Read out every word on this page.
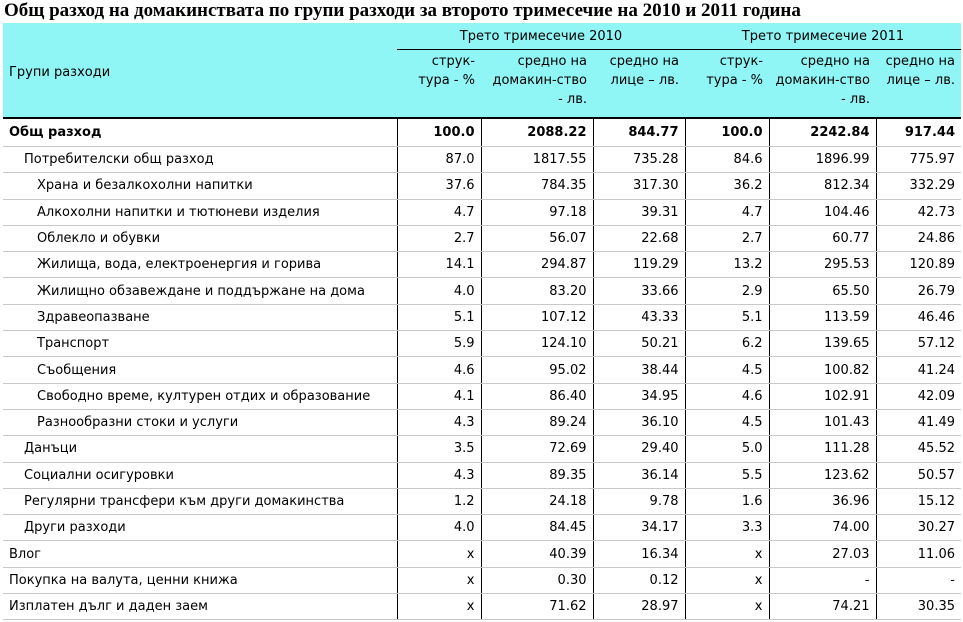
Общ разход на домакинствата по групи разходи за второто тримесечие на 2010 и 2011 година
Групи разходи	Трето тримесечие 2010			Трето тримесечие 2011		
	струк-тура - %	средно на домакин-ство - лв.	средно на лице – лв.	струк-тура - %	средно на домакин-ство - лв.	средно на лице – лв.
Общ разход	100.0	2088.22	844.77	100.0	2242.84	917.44
Потребителски общ разход	87.0	1817.55	735.28	84.6	1896.99	775.97
Храна и безалкохолни напитки	37.6	784.35	317.30	36.2	812.34	332.29
Алкохолни напитки и тютюневи изделия	4.7	97.18	39.31	4.7	104.46	42.73
Облекло и обувки	2.7	56.07	22.68	2.7	60.77	24.86
Жилища, вода, електроенергия и горива	14.1	294.87	119.29	13.2	295.53	120.89
Жилищно обзавеждане и поддържане на дома	4.0	83.20	33.66	2.9	65.50	26.79
Здравеопазване	5.1	107.12	43.33	5.1	113.59	46.46
Транспорт	5.9	124.10	50.21	6.2	139.65	57.12
Съобщения	4.6	95.02	38.44	4.5	100.82	41.24
Свободно време, културен отдих и образование	4.1	86.40	34.95	4.6	102.91	42.09
Разнообразни стоки и услуги	4.3	89.24	36.10	4.5	101.43	41.49
Данъци	3.5	72.69	29.40	5.0	111.28	45.52
Социални осигуровки	4.3	89.35	36.14	5.5	123.62	50.57
Регулярни трансфери към други домакинства	1.2	24.18	9.78	1.6	36.96	15.12
Други разходи	4.0	84.45	34.17	3.3	74.00	30.27
Влог	x	40.39	16.34	x	27.03	11.06
Покупка на валута, ценни книжа	x	0.30	0.12	x	-	-
Изплатен дълг и даден заем	x	71.62	28.97	x	74.21	30.35
